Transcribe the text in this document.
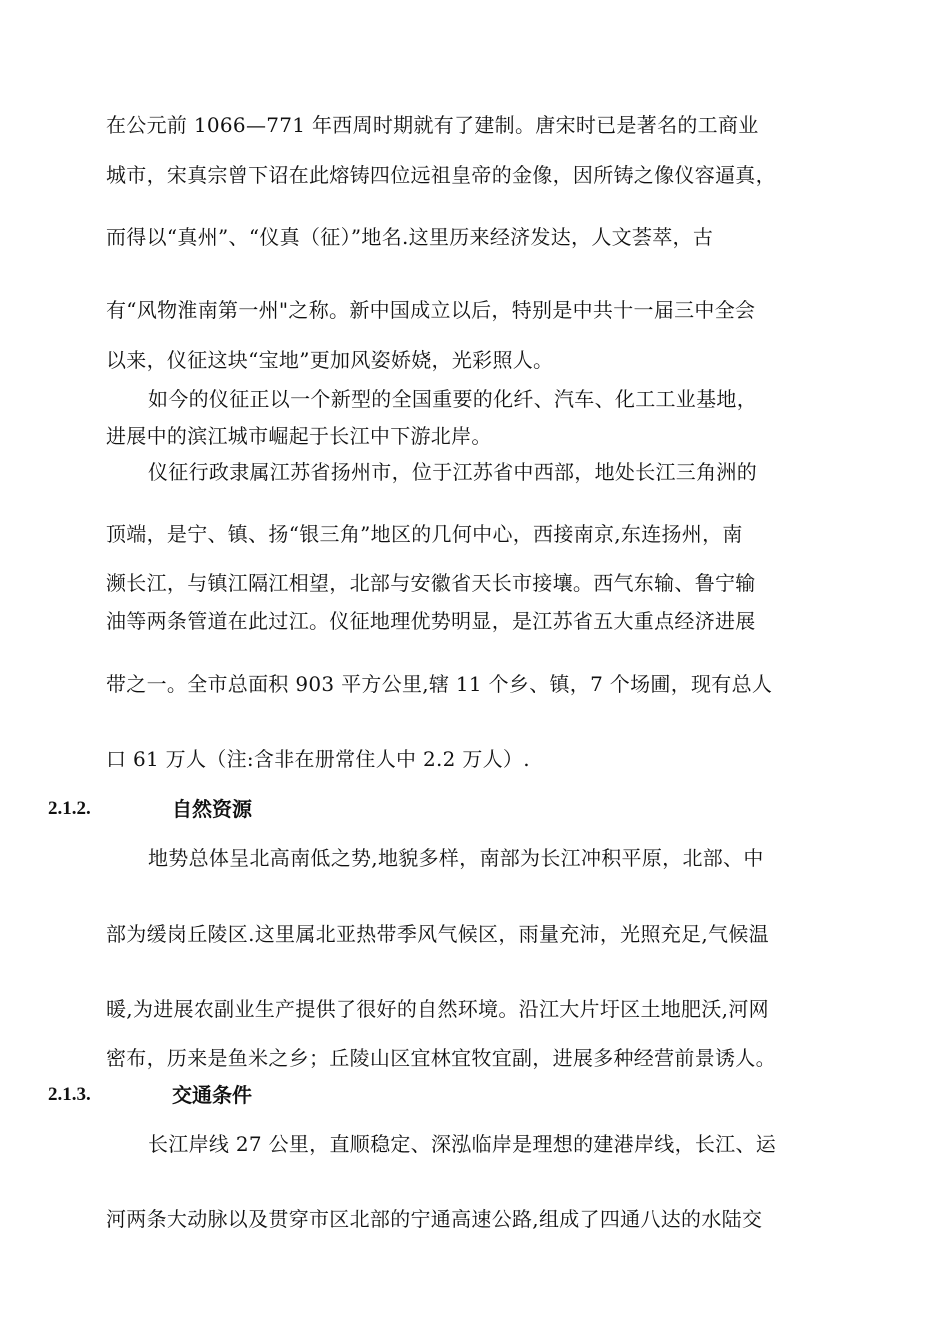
在公元前 1066—771 年西周时期就有了建制。唐宋时已是著名的工商业
城市，宋真宗曾下诏在此熔铸四位远祖皇帝的金像，因所铸之像仪容逼真，
而得以“真州”、“仪真（征）”地名.这里历来经济发达，人文荟萃，古
有“风物淮南第一州"之称。新中国成立以后，特别是中共十一届三中全会
以来，仪征这块“宝地”更加风姿娇娆，光彩照人。
如今的仪征正以一个新型的全国重要的化纤、汽车、化工工业基地，
进展中的滨江城市崛起于长江中下游北岸。
仪征行政隶属江苏省扬州市，位于江苏省中西部，地处长江三角洲的
顶端，是宁、镇、扬“银三角”地区的几何中心，西接南京,东连扬州，南
濒长江，与镇江隔江相望，北部与安徽省天长市接壤。西气东输、鲁宁输
油等两条管道在此过江。仪征地理优势明显，是江苏省五大重点经济进展
带之一。全市总面积 903 平方公里,辖 11 个乡、镇，7 个场圃，现有总人
口 61 万人（注:含非在册常住人中 2.2 万人）.
2.1.2.	自然资源
地势总体呈北高南低之势,地貌多样，南部为长江冲积平原，北部、中
部为缓岗丘陵区.这里属北亚热带季风气候区，雨量充沛，光照充足,气候温
暖,为进展农副业生产提供了很好的自然环境。沿江大片圩区土地肥沃,河网
密布，历来是鱼米之乡；丘陵山区宜林宜牧宜副，进展多种经营前景诱人。
2.1.3.	交通条件
长江岸线 27 公里，直顺稳定、深泓临岸是理想的建港岸线，长江、运
河两条大动脉以及贯穿市区北部的宁通高速公路,组成了四通八达的水陆交
